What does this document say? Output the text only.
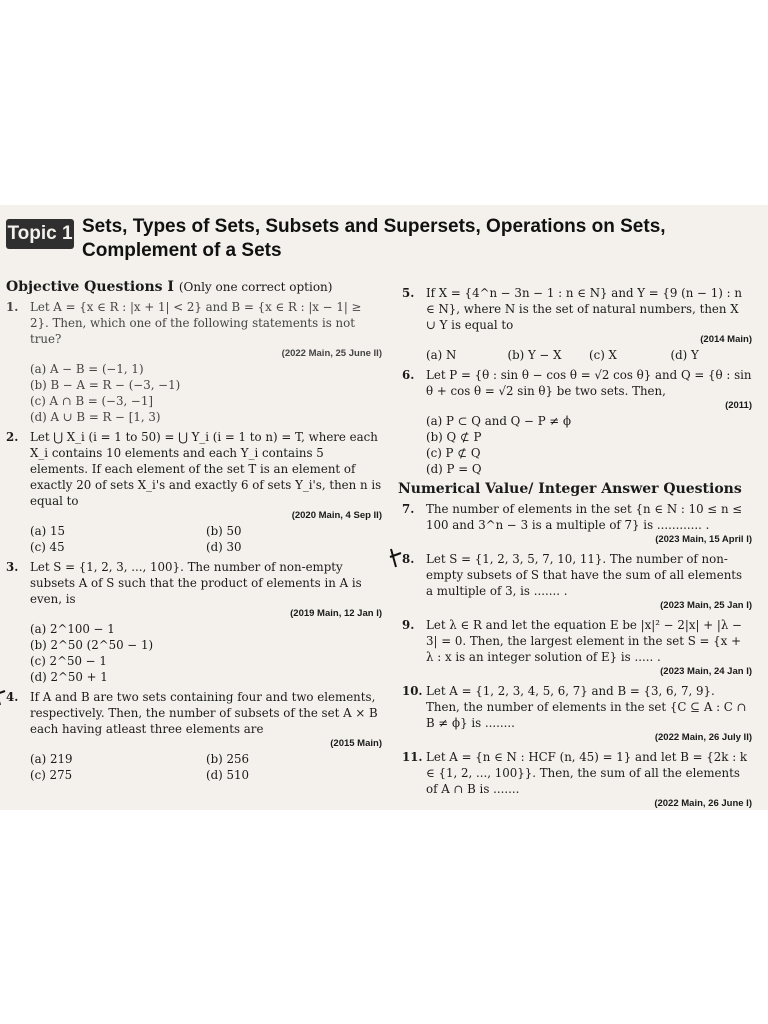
Topic 1 Sets, Types of Sets, Subsets and Supersets, Operations on Sets, Complement of a Sets
Objective Questions I (Only one correct option)
1. Let A = {x ∈ R : |x + 1| < 2} and B = {x ∈ R : |x − 1| ≥ 2}. Then, which one of the following statements is not true?
(2022 Main, 25 June II)
(a) A − B = (−1, 1)
(b) B − A = R − (−3, −1)
(c) A ∩ B = (−3, −1]
(d) A ∪ B = R − [1, 3)
2. Let ⋃ X_i (i = 1 to 50) = ⋃ Y_i (i = 1 to n) = T, where each X_i contains 10 elements and each Y_i contains 5 elements. If each element of the set T is an element of exactly 20 of sets X_i's and exactly 6 of sets Y_i's, then n is equal to
(2020 Main, 4 Sep II)
(a) 15	(b) 50
(c) 45	(d) 30
3. Let S = {1, 2, 3, ..., 100}. The number of non-empty subsets A of S such that the product of elements in A is even, is
(2019 Main, 12 Jan I)
(a) 2^100 − 1
(b) 2^50 (2^50 − 1)
(c) 2^50 − 1
(d) 2^50 + 1
4. If A and B are two sets containing four and two elements, respectively. Then, the number of subsets of the set A × B each having atleast three elements are
(2015 Main)
(a) 219	(b) 256
(c) 275	(d) 510
5. If X = {4^n − 3n − 1 : n ∈ N} and Y = {9 (n − 1) : n ∈ N}, where N is the set of natural numbers, then X ∪ Y is equal to
(2014 Main)
(a) N	(b) Y − X	(c) X	(d) Y
6. Let P = {θ : sin θ − cos θ = √2 cos θ} and Q = {θ : sin θ + cos θ = √2 sin θ} be two sets. Then,
(2011)
(a) P ⊂ Q and Q − P ≠ ϕ
(b) Q ⊄ P
(c) P ⊄ Q
(d) P = Q
Numerical Value/ Integer Answer Questions
7. The number of elements in the set {n ∈ N : 10 ≤ n ≤ 100 and 3^n − 3 is a multiple of 7} is ............ .
(2023 Main, 15 April I)
8. Let S = {1, 2, 3, 5, 7, 10, 11}. The number of non-empty subsets of S that have the sum of all elements a multiple of 3, is ....... .
(2023 Main, 25 Jan I)
9. Let λ ∈ R and let the equation E be |x|² − 2|x| + |λ − 3| = 0. Then, the largest element in the set S = {x + λ : x is an integer solution of E} is ..... .
(2023 Main, 24 Jan I)
10. Let A = {1, 2, 3, 4, 5, 6, 7} and B = {3, 6, 7, 9}. Then, the number of elements in the set {C ⊆ A : C ∩ B ≠ ϕ} is ........
(2022 Main, 26 July II)
11. Let A = {n ∈ N : HCF (n, 45) = 1} and let B = {2k : k ∈ {1, 2, ..., 100}}. Then, the sum of all the elements of A ∩ B is .......
(2022 Main, 26 June I)
